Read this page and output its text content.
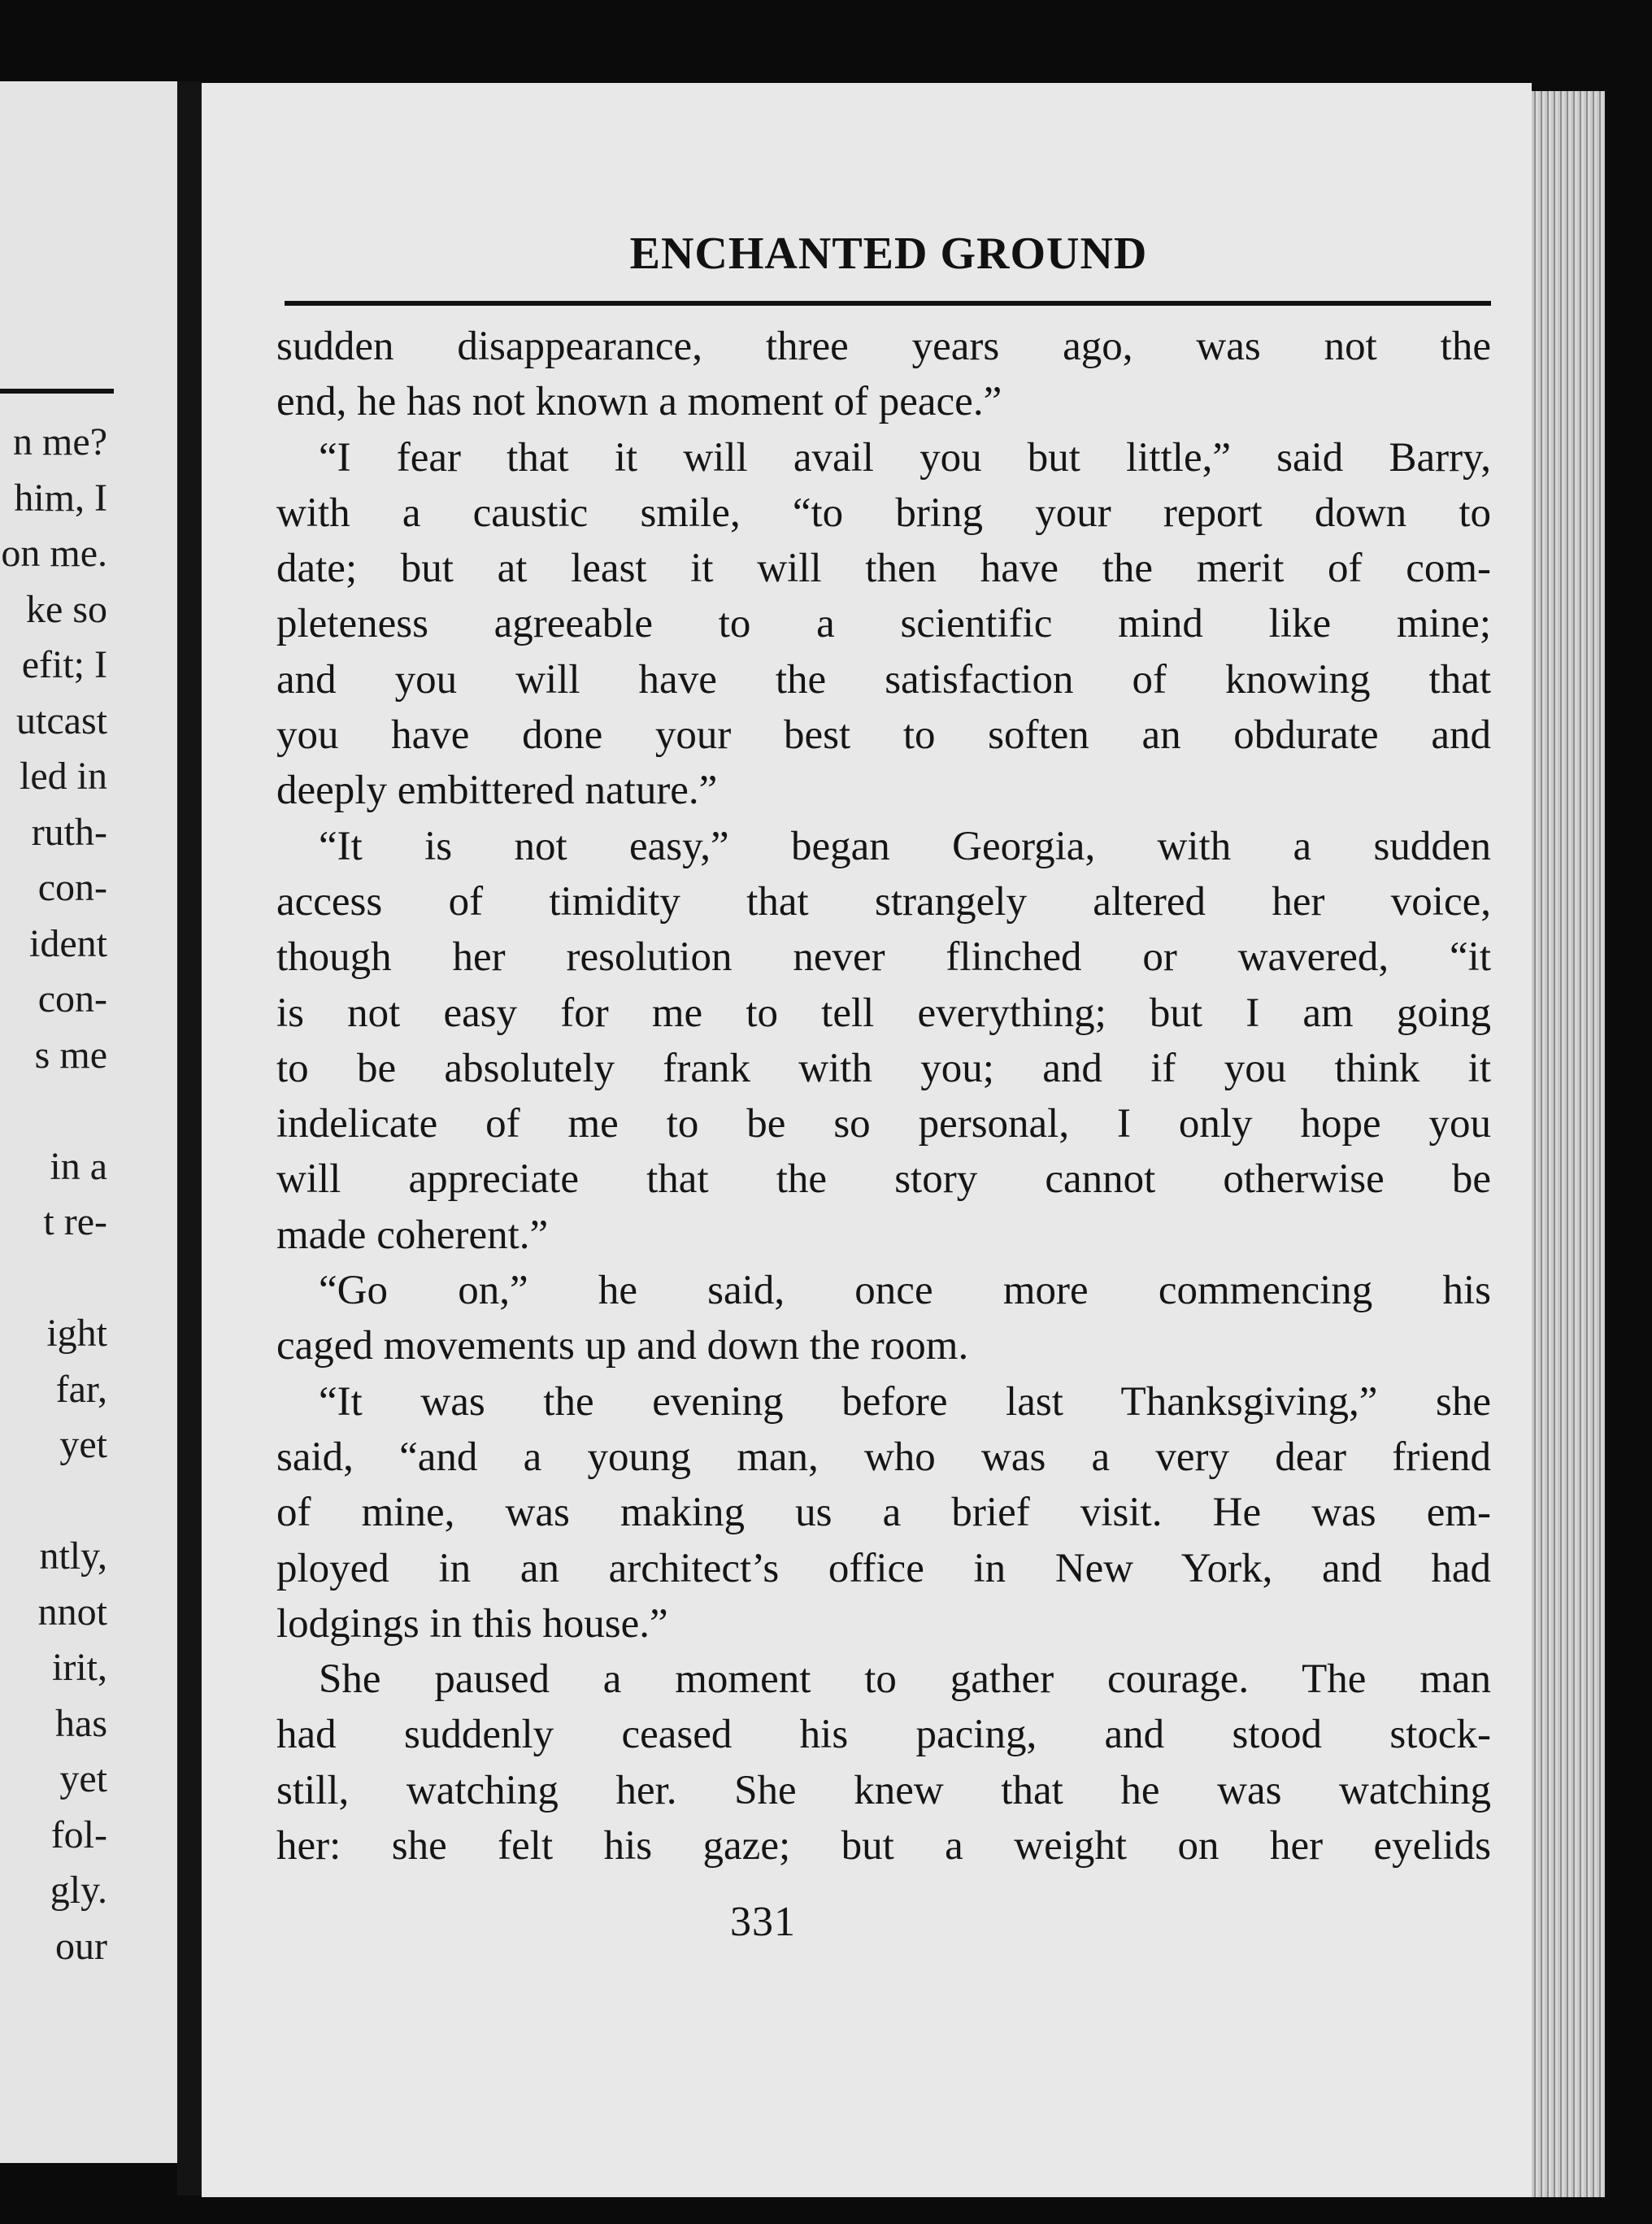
n me?
him, I
on me.
ke so
efit; I
utcast
led in
ruth-
con-
ident
con-
s me
in a
t re-
ight
far,
yet
ntly,
nnot
irit,
has
yet
fol-
gly.
our
ENCHANTED GROUND
sudden disappearance, three years ago, was not the
end, he has not known a moment of peace.”
“I fear that it will avail you but little,” said Barry,
with a caustic smile, “to bring your report down to
date; but at least it will then have the merit of com-
pleteness agreeable to a scientific mind like mine;
and you will have the satisfaction of knowing that
you have done your best to soften an obdurate and
deeply embittered nature.”
“It is not easy,” began Georgia, with a sudden
access of timidity that strangely altered her voice,
though her resolution never flinched or wavered, “it
is not easy for me to tell everything; but I am going
to be absolutely frank with you; and if you think it
indelicate of me to be so personal, I only hope you
will appreciate that the story cannot otherwise be
made coherent.”
“Go on,” he said, once more commencing his
caged movements up and down the room.
“It was the evening before last Thanksgiving,” she
said, “and a young man, who was a very dear friend
of mine, was making us a brief visit. He was em-
ployed in an architect’s office in New York, and had
lodgings in this house.”
She paused a moment to gather courage. The man
had suddenly ceased his pacing, and stood stock-
still, watching her. She knew that he was watching
her: she felt his gaze; but a weight on her eyelids
331
